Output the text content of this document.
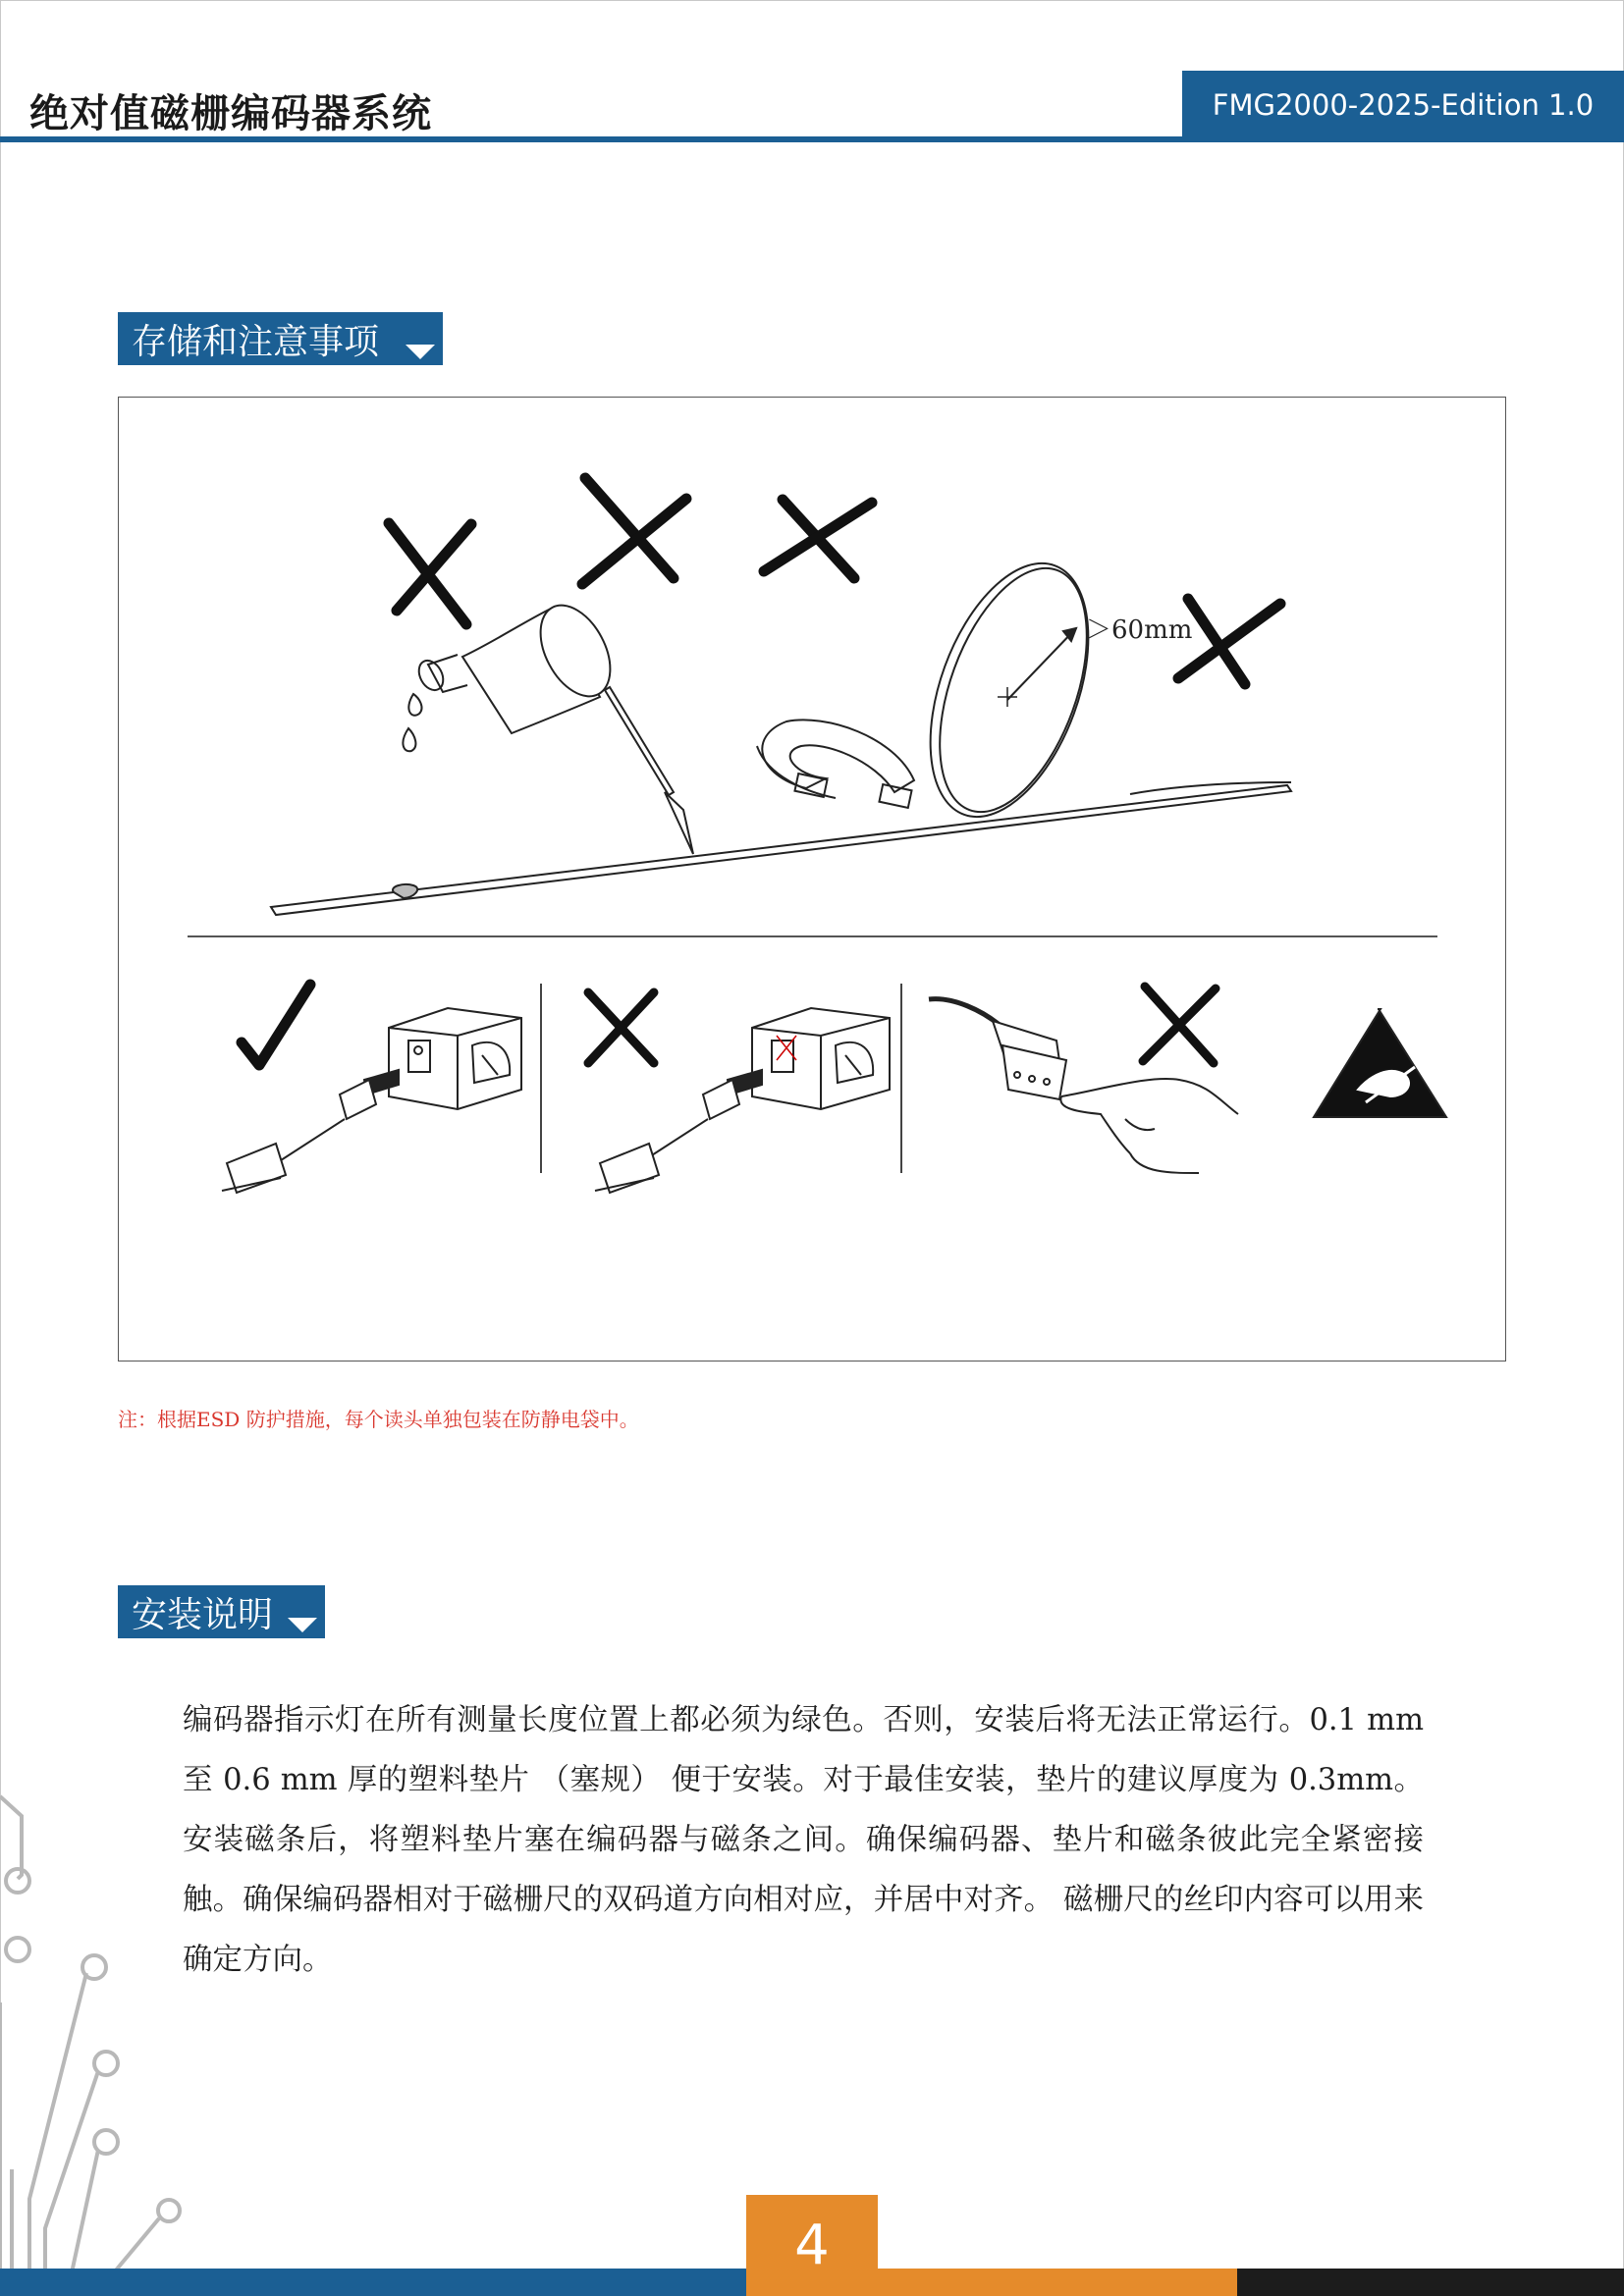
绝对值磁栅编码器系统	FMG2000-2025-Edition 1.0
存储和注意事项
＞60mm
注：根据ESD 防护措施，每个读头单独包装在防静电袋中。
安装说明
编码器指示灯在所有测量长度位置上都必须为绿色。否则，安装后将无法正常运行。0.1 mm 至 0.6 mm 厚的塑料垫片 （塞规） 便于安装。对于最佳安装，垫片的建议厚度为 0.3mm。安装磁条后，将塑料垫片塞在编码器与磁条之间。确保编码器、垫片和磁条彼此完全紧密接触。确保编码器相对于磁栅尺的双码道方向相对应，并居中对齐。 磁栅尺的丝印内容可以用来确定方向。
4
